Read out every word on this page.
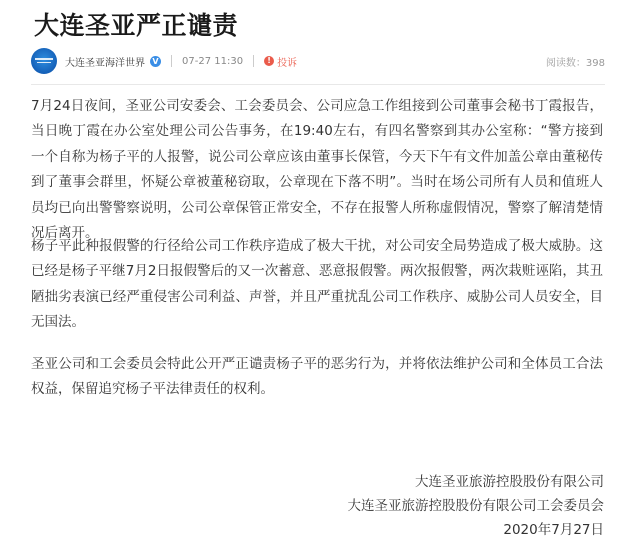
大连圣亚严正谴责
大连圣亚海洋世界 V 07-27 11:30	! 投诉	阅读数：398

7月24日夜间，圣亚公司安委会、工会委员会、公司应急工作组接到公司董事会秘书丁霞报告，当日晚丁霞在办公室处理公司公告事务，在19:40左右，有四名警察到其办公室称：“警方接到一个自称为杨子平的人报警，说公司公章应该由董事长保管，今天下午有文件加盖公章由董秘传到了董事会群里，怀疑公章被董秘窃取，公章现在下落不明”。当时在场公司所有人员和值班人员均已向出警警察说明，公司公章保管正常安全，不存在报警人所称虚假情况，警察了解清楚情况后离开。

杨子平此种报假警的行径给公司工作秩序造成了极大干扰，对公司安全局势造成了极大威胁。这已经是杨子平继7月2日报假警后的又一次蓄意、恶意报假警。两次报假警，两次栽赃诬陷，其丑陋拙劣表演已经严重侵害公司利益、声誉，并且严重扰乱公司工作秩序、威胁公司人员安全，目无国法。

圣亚公司和工会委员会特此公开严正谴责杨子平的恶劣行为，并将依法维护公司和全体员工合法权益，保留追究杨子平法律责任的权利。

大连圣亚旅游控股股份有限公司
大连圣亚旅游控股股份有限公司工会委员会
2020年7月27日
